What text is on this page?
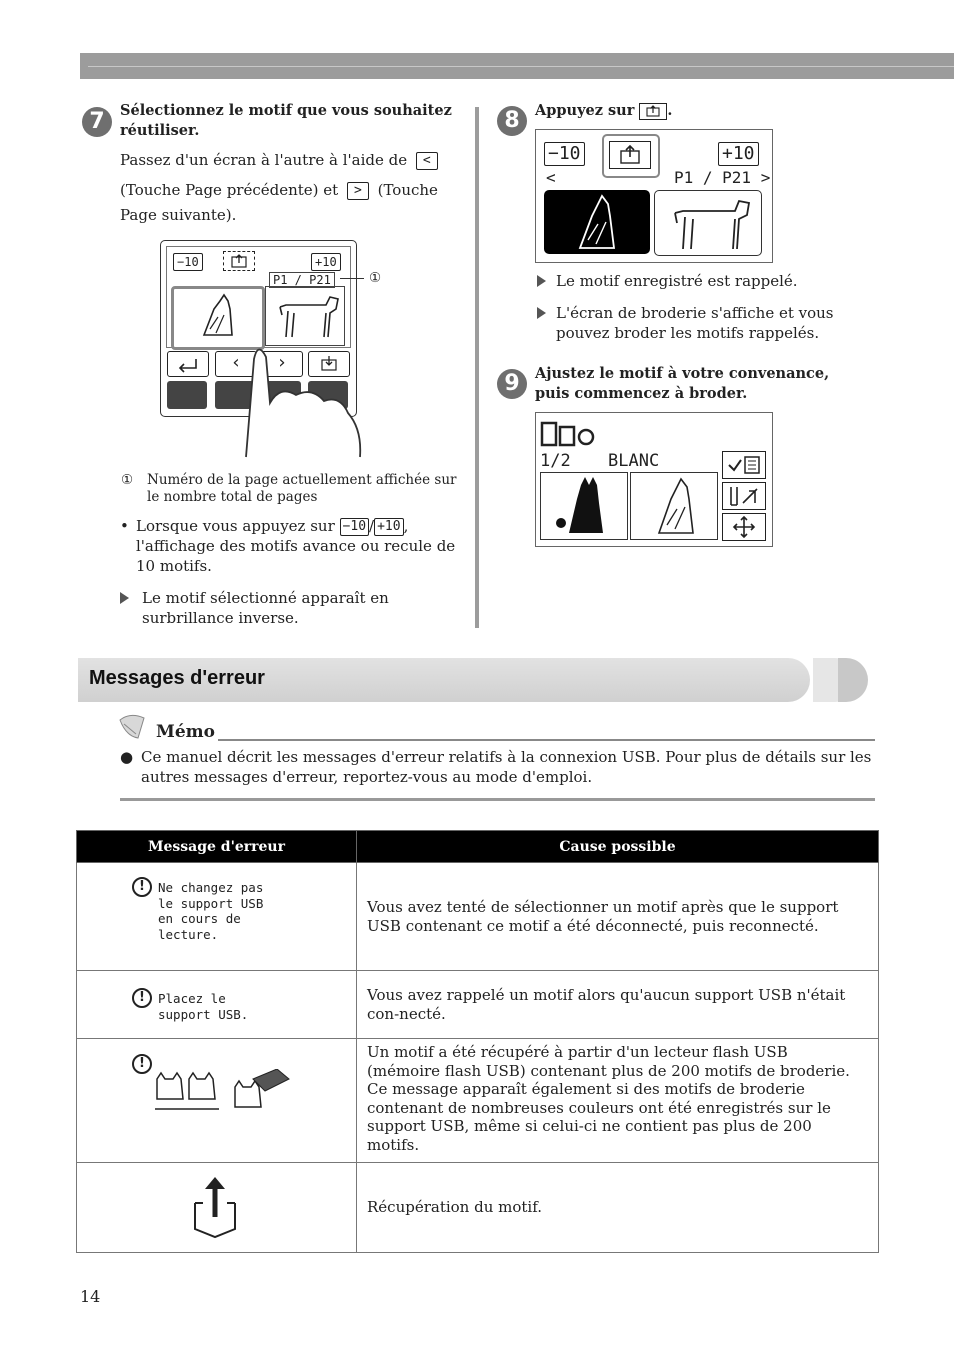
7	Sélectionnez le motif que vous souhaitez réutiliser.
Passez d'un écran à l'autre à l'aide de <
(Touche Page précédente) et > (Touche
Page suivante).
−10	+10
P1 / P21
‹	›
①
① Numéro de la page actuellement affichée sur le nombre total de pages
• Lorsque vous appuyez sur −10 / +10 , l'affichage des motifs avance ou recule de 10 motifs.
Le motif sélectionné apparaît en surbrillance inverse.
8	Appuyez sur .
−10	+10
<	P1 / P21 >
Le motif enregistré est rappelé.
L'écran de broderie s'affiche et vous pouvez broder les motifs rappelés.
9	Ajustez le motif à votre convenance, puis commencez à broder.
1/2 BLANC
Messages d'erreur
Mémo
● Ce manuel décrit les messages d'erreur relatifs à la connexion USB. Pour plus de détails sur les autres messages d'erreur, reportez-vous au mode d'emploi.
Message d'erreur	Cause possible

! Ne changez pas
le support USB
en cours de
lecture.	Vous avez tenté de sélectionner un motif après que le support USB contenant ce motif a été déconnecté, puis reconnecté.

! Placez le
support USB.	Vous avez rappelé un motif alors qu'aucun support USB n'était con-necté.

!	Un motif a été récupéré à partir d'un lecteur flash USB (mémoire flash USB) contenant plus de 200 motifs de broderie. Ce message apparaît également si des motifs de broderie contenant de nombreuses couleurs ont été enregistrés sur le support USB, même si celui-ci ne contient pas plus de 200 motifs.

	Récupération du motif.
14
